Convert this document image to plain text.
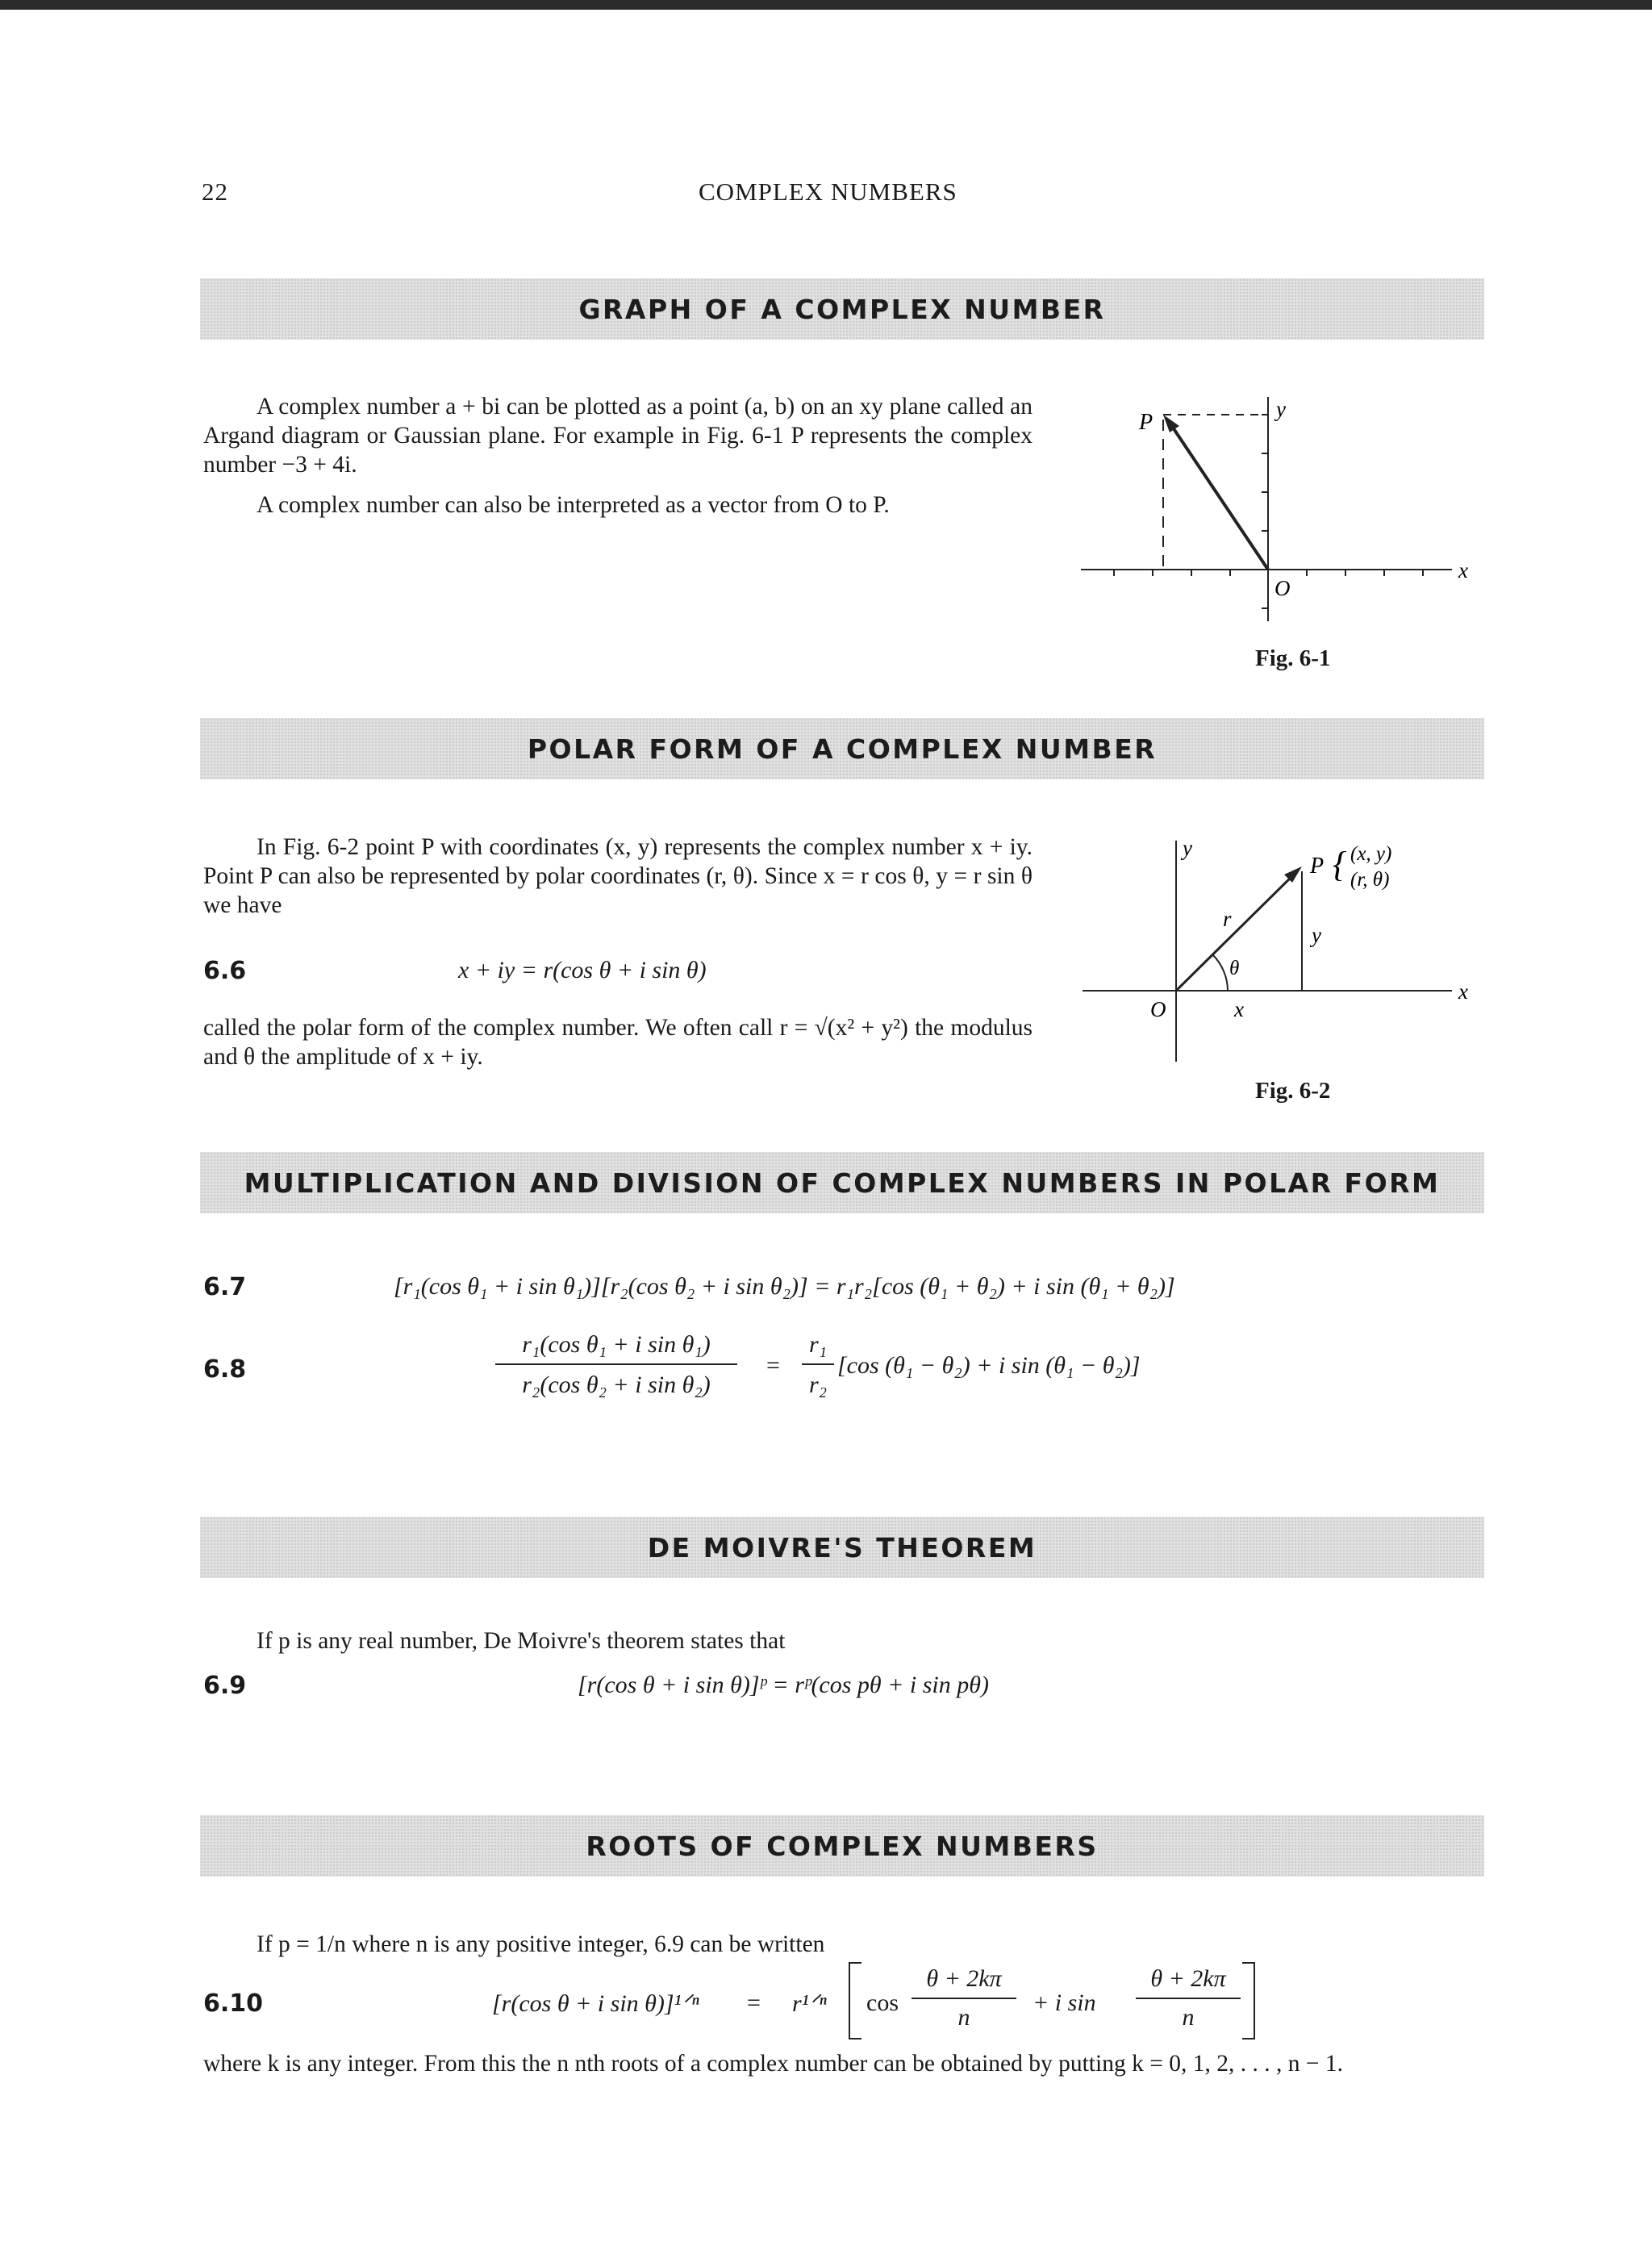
22	COMPLEX NUMBERS
GRAPH OF A COMPLEX NUMBER

A complex number a + bi can be plotted as a point (a, b) on an xy plane called an Argand diagram or Gaussian plane. For example in Fig. 6-1 P represents the complex number −3 + 4i.

A complex number can also be interpreted as a vector from O to P.

P
y
x
O
Fig. 6-1
POLAR FORM OF A COMPLEX NUMBER

In Fig. 6-2 point P with coordinates (x, y) represents the complex number x + iy. Point P can also be represented by polar coordinates (r, θ). Since x = r cos θ, y = r sin θ we have

6.6	x + iy = r(cos θ + i sin θ)

called the polar form of the complex number. We often call r = √(x² + y²) the modulus and θ the amplitude of x + iy.

y
x
O
r
θ
x
y
P { (x, y)
(r, θ)
Fig. 6-2
MULTIPLICATION AND DIVISION OF COMPLEX NUMBERS IN POLAR FORM
6.7	[r₁(cos θ₁ + i sin θ₁)][r₂(cos θ₂ + i sin θ₂)] = r₁r₂[cos (θ₁ + θ₂) + i sin (θ₁ + θ₂)]
6.8
r₁(cos θ₁ + i sin θ₁)
r₂(cos θ₂ + i sin θ₂)
=
r₁
r₂
[cos (θ₁ − θ₂) + i sin (θ₁ − θ₂)]
DE MOIVRE'S THEOREM

If p is any real number, De Moivre's theorem states that

6.9	[r(cos θ + i sin θ)]ᵖ = rᵖ(cos pθ + i sin pθ)
ROOTS OF COMPLEX NUMBERS

If p = 1/n where n is any positive integer, 6.9 can be written

6.10	[r(cos θ + i sin θ)]¹ᐟⁿ = r¹ᐟⁿ cos
θ + 2kπ
n
+ i sin
θ + 2kπ
n

where k is any integer. From this the n nth roots of a complex number can be obtained by putting k = 0, 1, 2, . . . , n − 1.
